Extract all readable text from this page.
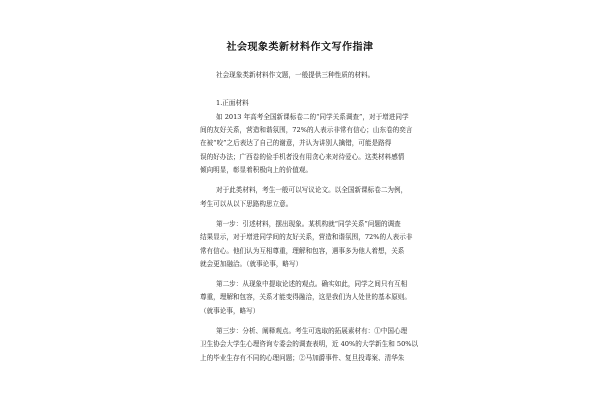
社会现象类新材料作文写作指津
社会现象类新材料作文题，一般提供三种性质的材料。
1.正面材料
如 2013 年高考全国新课标卷二的“同学关系调查”，对于增进同学
间的友好关系，营造和谐氛围，72%的人表示非常有信心；山东卷的奕言
在被“咬”之后表达了自己的谢意，并认为讲别人擒错，可能是路得
误的好办法；广西卷的俭手机者没有用贪心来对待爱心。这类材料感情
倾向明显，彰显着积极向上的价值观。
对于此类材料，考生一般可以写议论文。以全国新课标卷二为例，
考生可以从以下思路构思立意。
第一步：引述材料，摆出现象。某机构就“同学关系”问题的调查
结果显示，对于增进同学间的友好关系，营造和谐氛围，72%的人表示非
常有信心。他们认为互相尊重，理解和包容，遇事多为他人着想，关系
就会更加融洽。（就事论事，略写）
第二步：从现象中提取论述的观点。确实如此，同学之间只有互相
尊重，理解和包容，关系才能变得融洽，这是我们为人处世的基本原则。
（就事论事，略写）
第三步：分析、阐释观点。考生可选取的拓展素材有：①中国心理
卫生协会大学生心理咨询专委会的调查表明，近 40%的大学新生和 50%以
上的毕业生存有不同的心理问题；②马加爵事件、复旦投毒案、清华朱
